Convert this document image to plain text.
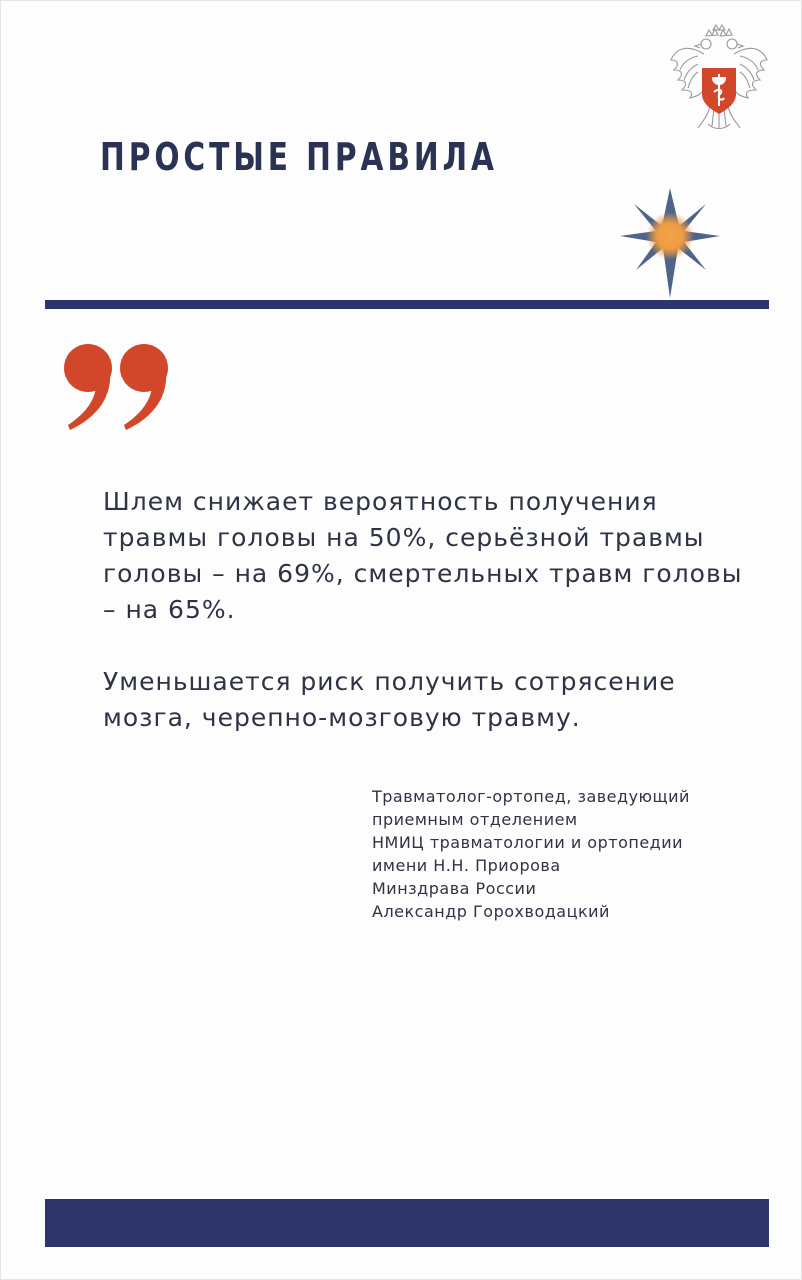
ПРОСТЫЕ ПРАВИЛА

Шлем снижает вероятность получения травмы головы на 50%, серьёзной травмы головы – на 69%, смертельных травм головы – на 65%.

Уменьшается риск получить сотрясение мозга, черепно-мозговую травму.

Травматолог-ортопед, заведующий
приемным отделением
НМИЦ травматологии и ортопедии
имени Н.Н. Приорова
Минздрава России
Александр Горохводацкий
